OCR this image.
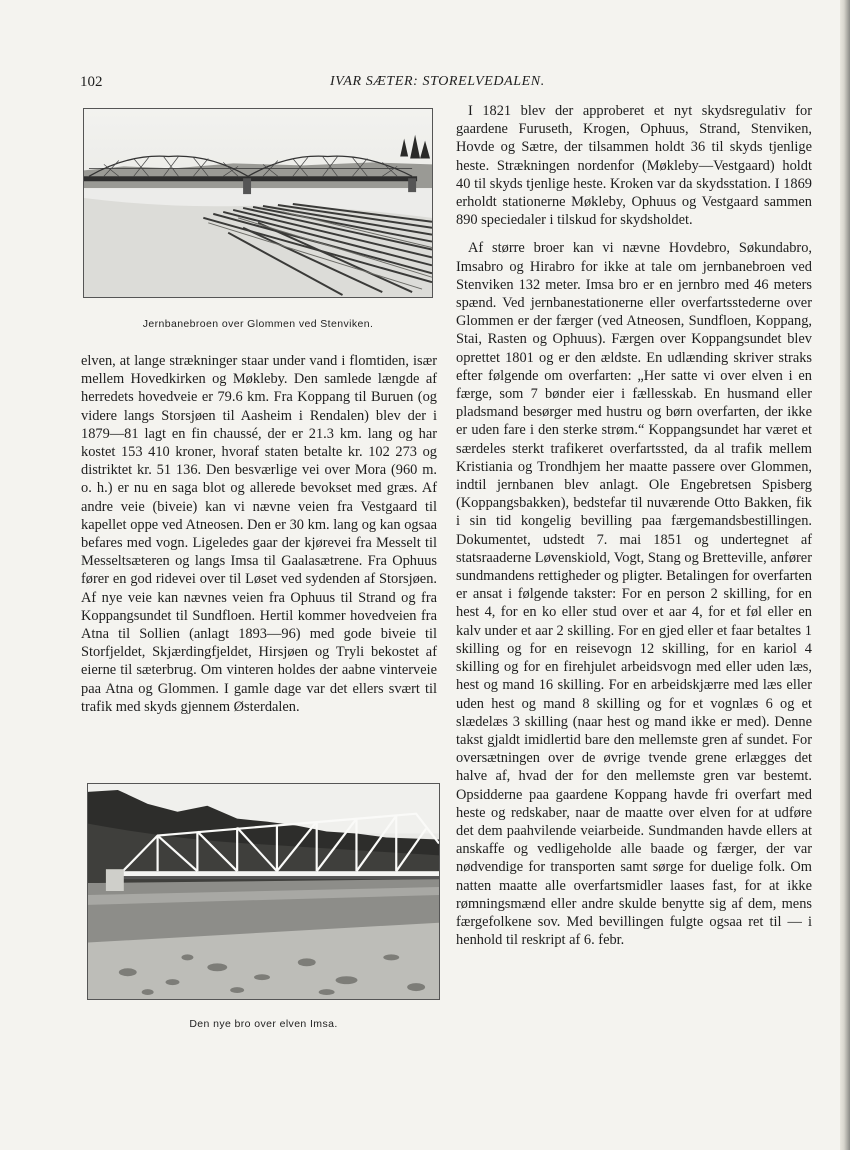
102	IVAR SÆTER: STORELVEDALEN.
Jernbanebroen over Glommen ved Stenviken.

elven, at lange strækninger staar under vand i flomtiden, især mellem Hovedkirken og Møkleby. Den samlede længde af herredets hovedveie er 79.6 km. Fra Koppang til Buruen (og videre langs Storsjøen til Aasheim i Rendalen) blev der i 1879—81 lagt en fin chaussé, der er 21.3 km. lang og har kostet 153 410 kroner, hvoraf staten betalte kr. 102 273 og distriktet kr. 51 136. Den besværlige vei over Mora (960 m. o. h.) er nu en saga blot og allerede bevokset med græs. Af andre veie (biveie) kan vi nævne veien fra Vestgaard til kapellet oppe ved Atneosen. Den er 30 km. lang og kan ogsaa befares med vogn. Ligeledes gaar der kjørevei fra Messelt til Messeltsæteren og langs Imsa til Gaalasætrene. Fra Ophuus fører en god ridevei over til Løset ved sydenden af Storsjøen. Af nye veie kan nævnes veien fra Ophuus til Strand og fra Koppangsundet til Sundfloen. Hertil kommer hovedveien fra Atna til Sollien (anlagt 1893—96) med gode biveie til Storfjeldet, Skjærdingfjeldet, Hirsjøen og Tryli bekostet af eierne til sæterbrug. Om vinteren holdes der aabne vinterveie paa Atna og Glommen. I gamle dage var det ellers svært til trafik med skyds gjennem Østerdalen.

Den nye bro over elven Imsa.

I 1821 blev der approberet et nyt skydsregulativ for gaardene Furuseth, Krogen, Ophuus, Strand, Stenviken, Hovde og Sætre, der tilsammen holdt 36 til skyds tjenlige heste. Strækningen nordenfor (Møkleby—Vestgaard) holdt 40 til skyds tjenlige heste. Kroken var da skydsstation. I 1869 erholdt stationerne Møkleby, Ophuus og Vestgaard sammen 890 speciedaler i tilskud for skydsholdet.

Af større broer kan vi nævne Hovdebro, Søkundabro, Imsabro og Hirabro for ikke at tale om jernbanebroen ved Stenviken 132 meter. Imsa bro er en jernbro med 46 meters spænd. Ved jernbanestationerne eller overfartsstederne over Glommen er der færger (ved Atneosen, Sundfloen, Koppang, Stai, Rasten og Ophuus). Færgen over Koppangsundet blev oprettet 1801 og er den ældste. En udlænding skriver straks efter følgende om overfarten: „Her satte vi over elven i en færge, som 7 bønder eier i fællesskab. En husmand eller pladsmand besørger med hustru og børn overfarten, der ikke er uden fare i den sterke strøm.“ Koppangsundet har været et særdeles sterkt trafikeret overfartssted, da al trafik mellem Kristiania og Trondhjem her maatte passere over Glommen, indtil jernbanen blev anlagt. Ole Engebretsen Spisberg (Koppangsbakken), bedstefar til nuværende Otto Bakken, fik i sin tid kongelig bevilling paa færgemandsbestillingen. Dokumentet, udstedt 7. mai 1851 og undertegnet af statsraaderne Løvenskiold, Vogt, Stang og Bretteville, anfører sundmandens rettigheder og pligter. Betalingen for overfarten er ansat i følgende takster: For en person 2 skilling, for en hest 4, for en ko eller stud over et aar 4, for et føl eller en kalv under et aar 2 skilling. For en gjed eller et faar betaltes 1 skilling og for en reisevogn 12 skilling, for en kariol 4 skilling og for en firehjulet arbeidsvogn med eller uden læs, hest og mand 16 skilling. For en arbeidskjærre med læs eller uden hest og mand 8 skilling og for et vognlæs 6 og et slædelæs 3 skilling (naar hest og mand ikke er med). Denne takst gjaldt imidlertid bare den mellemste gren af sundet. For oversætningen over de øvrige tvende grene erlægges det halve af, hvad der for den mellemste gren var bestemt. Opsidderne paa gaardene Koppang havde fri overfart med heste og redskaber, naar de maatte over elven for at udføre det dem paahvilende veiarbeide. Sundmanden havde ellers at anskaffe og vedligeholde alle baade og færger, der var nødvendige for transporten samt sørge for duelige folk. Om natten maatte alle overfartsmidler laases fast, for at ikke rømningsmænd eller andre skulde benytte sig af dem, mens færgefolkene sov. Med bevillingen fulgte ogsaa ret til — i henhold til reskript af 6. febr.
